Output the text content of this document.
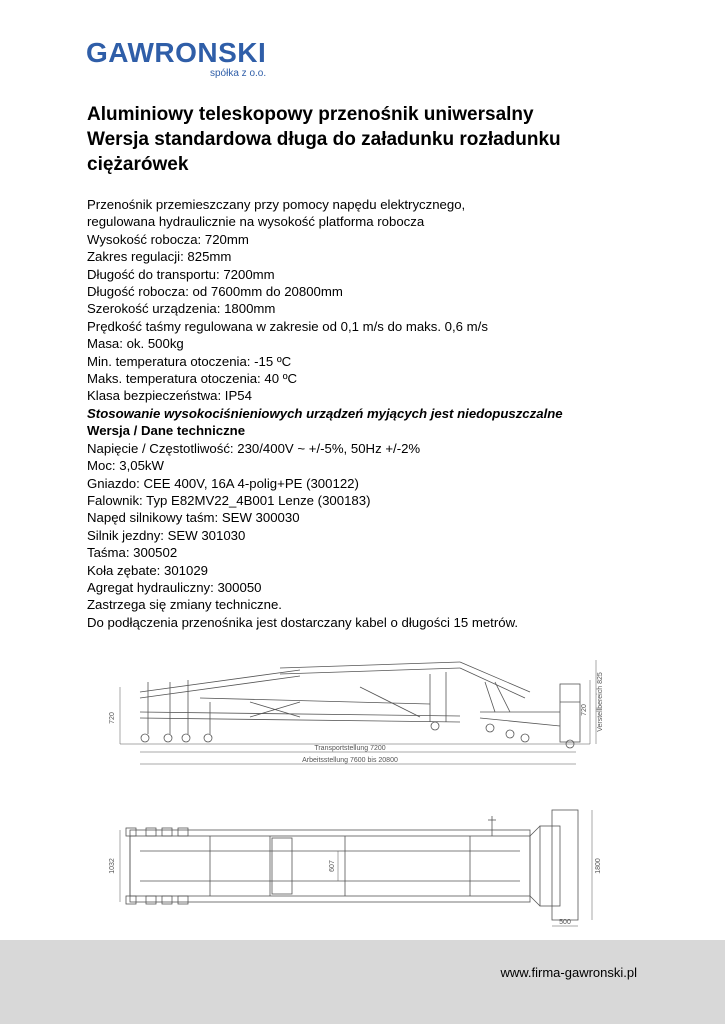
GAWRONSKI
spółka z o.o.
Aluminiowy teleskopowy przenośnik uniwersalny
Wersja standardowa długa do załadunku rozładunku
ciężarówek
Przenośnik przemieszczany przy pomocy napędu elektrycznego,
regulowana hydraulicznie na wysokość platforma robocza
Wysokość robocza: 720mm
Zakres regulacji: 825mm
Długość do transportu: 7200mm
Długość robocza: od 7600mm do 20800mm
Szerokość urządzenia: 1800mm
Prędkość taśmy regulowana w zakresie od 0,1 m/s do maks. 0,6 m/s
Masa: ok. 500kg
Min. temperatura otoczenia: -15 ºC
Maks. temperatura otoczenia: 40 ºC
Klasa bezpieczeństwa: IP54
Stosowanie wysokociśnieniowych urządzeń myjących jest niedopuszczalne
Wersja / Dane techniczne
Napięcie / Częstotliwość: 230/400V ~ +/-5%, 50Hz +/-2%
Moc: 3,05kW
Gniazdo: CEE 400V, 16A 4-polig+PE (300122)
Falownik: Typ E82MV22_4B001 Lenze (300183)
Napęd silnikowy taśm: SEW 300030
Silnik jezdny: SEW 301030
Taśma: 300502
Koła zębate: 301029
Agregat hydrauliczny: 300050
Zastrzega się zmiany techniczne.
Do podłączenia przenośnika jest dostarczany kabel o długości 15 metrów.
720
720 Verstellbereich 825
Transportstellung 7200
Arbeitsstellung 7600 bis 20800
1032	607	1800
500
www.firma-gawronski.pl
